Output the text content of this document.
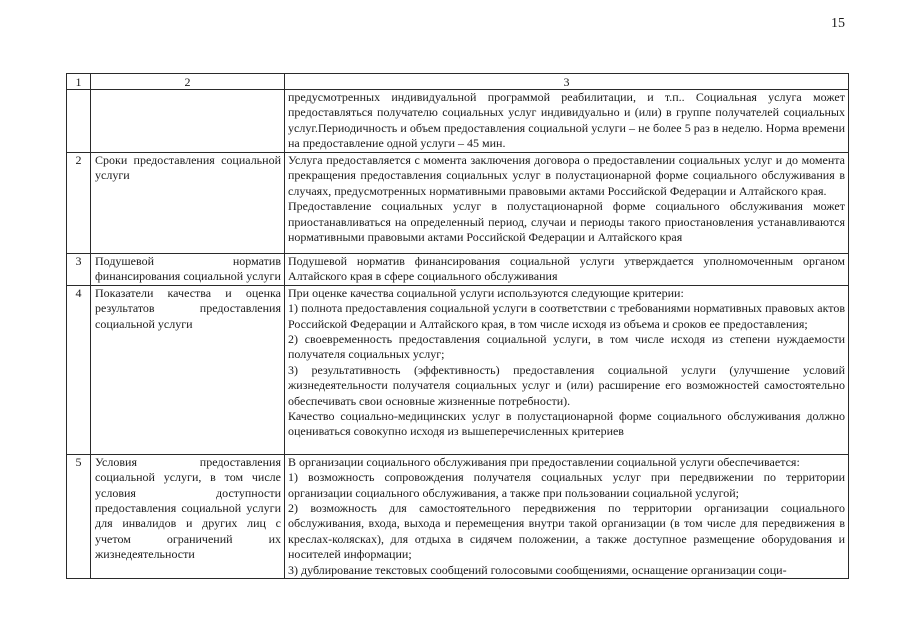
15
1	2	3

		предусмотренных индивидуальной программой реабилитации, и т.п.. Социальная услуга может предоставляться получателю социальных услуг индивидуально и (или) в группе получателей социальных услуг.Периодичность и объем предоставления социальной услуги – не более 5 раз в неделю. Норма времени на предоставление одной услуги – 45 мин.

2	Сроки предоставления социальной услуги	Услуга предоставляется с момента заключения договора о предоставлении социальных услуг и до момента прекращения предоставления социальных услуг в полустационарной форме социального обслуживания в случаях, предусмотренных нормативными правовыми актами Российской Федерации и Алтайского края.
Предоставление социальных услуг в полустационарной форме социального обслуживания может приостанавливаться на определенный период, случаи и периоды такого приостановления устанавливаются нормативными правовыми актами Российской Федерации и Алтайского края

3	Подушевой норматив финансирования социальной услуги	Подушевой норматив финансирования социальной услуги утверждается уполномоченным органом Алтайского края в сфере социального обслуживания

4	Показатели качества и оценка результатов предоставления социальной услуги	При оценке качества социальной услуги используются следующие критерии:
1) полнота предоставления социальной услуги в соответствии с требованиями нормативных правовых актов Российской Федерации и Алтайского края, в том числе исходя из объема и сроков ее предоставления;
2) своевременность предоставления социальной услуги, в том числе исходя из степени нуждаемости получателя социальных услуг;
3) результативность (эффективность) предоставления социальной услуги (улучшение условий жизнедеятельности получателя социальных услуг и (или) расширение его возможностей самостоятельно обеспечивать свои основные жизненные потребности).
Качество социально-медицинских услуг в полустационарной форме социального обслуживания должно оцениваться совокупно исходя из вышеперечисленных критериев

5	Условия предоставления социальной услуги, в том числе условия доступности предоставления социальной услуги для инвалидов и других лиц с учетом ограничений их жизнедеятельности	В организации социального обслуживания при предоставлении социальной услуги обеспечивается:
1) возможность сопровождения получателя социальных услуг при передвижении по территории организации социального обслуживания, а также при пользовании социальной услугой;
2) возможность для самостоятельного передвижения по территории организации социального обслуживания, входа, выхода и перемещения внутри такой организации (в том числе для передвижения в креслах-колясках), для отдыха в сидячем положении, а также доступное размещение оборудования и носителей информации;
3) дублирование текстовых сообщений голосовыми сообщениями, оснащение организации соци-
